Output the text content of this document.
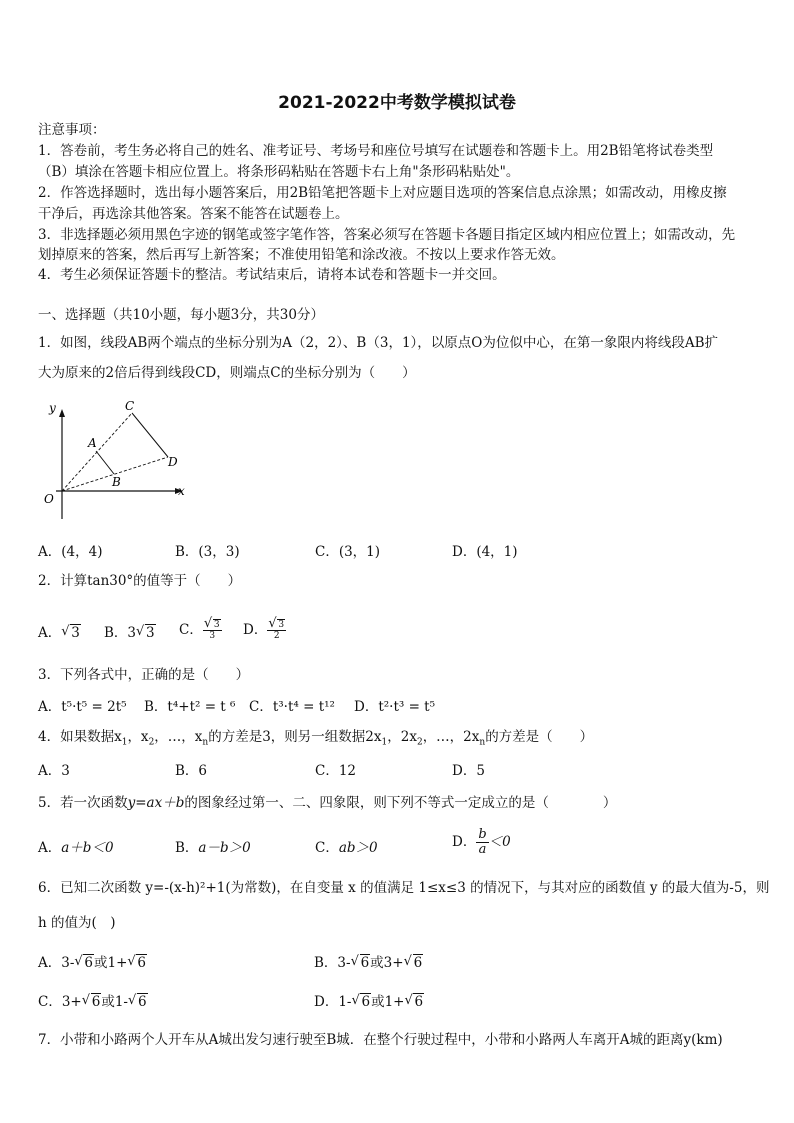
2021-2022中考数学模拟试卷
注意事项：
1．答卷前，考生务必将自己的姓名、准考证号、考场号和座位号填写在试题卷和答题卡上。用2B铅笔将试卷类型
（B）填涂在答题卡相应位置上。将条形码粘贴在答题卡右上角"条形码粘贴处"。
2．作答选择题时，选出每小题答案后，用2B铅笔把答题卡上对应题目选项的答案信息点涂黑；如需改动，用橡皮擦
干净后，再选涂其他答案。答案不能答在试题卷上。
3．非选择题必须用黑色字迹的钢笔或签字笔作答，答案必须写在答题卡各题目指定区域内相应位置上；如需改动，先
划掉原来的答案，然后再写上新答案；不准使用铅笔和涂改液。不按以上要求作答无效。
4．考生必须保证答题卡的整洁。考试结束后，请将本试卷和答题卡一并交回。
一、选择题（共10小题，每小题3分，共30分）
1．如图，线段AB两个端点的坐标分别为A（2，2）、B（3，1），以原点O为位似中心，在第一象限内将线段AB扩
大为原来的2倍后得到线段CD，则端点C的坐标分别为（　　）
y
x
O
A
B
C
D
A．(4，4)	B．(3，3)	C．(3，1)	D．(4，1)
2．计算tan30°的值等于（　　）
A． √ 3 B．3 √ 3 C． √ $\frac{3}{3}$ D． √ $\frac{3}{2}$
3．下列各式中，正确的是（　　）
A．t⁵·t⁵ = 2t⁵ B．t⁴+t² = t ⁶ C．t³·t⁴ = t¹² D．t²·t³ = t⁵
4．如果数据$x_1$，$x_2$，…，$x_n$的方差是3，则另一组数据$2x_1$，$2x_2$，…，$2x_n$的方差是（　　）
A．3	B．6	C．12	D．5
5．若一次函数y=ax＋b的图象经过第一、二、四象限，则下列不等式一定成立的是（　　　　）
A．a＋b＜0	B．a－b＞0	C．ab＞0	D． $\frac{b}{a} <0$
6．已知二次函数 y=-(x-h)²+1(为常数)，在自变量 x 的值满足 1≤x≤3 的情况下，与其对应的函数值 y 的最大值为-5，则
h 的值为(　)
A．3- √ 6或1+ √ 6	B．3- √ 6或3+ √ 6
C．3+ √ 6或1- √ 6	D．1- √ 6或1+ √ 6
7．小带和小路两个人开车从A城出发匀速行驶至B城．在整个行驶过程中，小带和小路两人车离开A城的距离y(km)
